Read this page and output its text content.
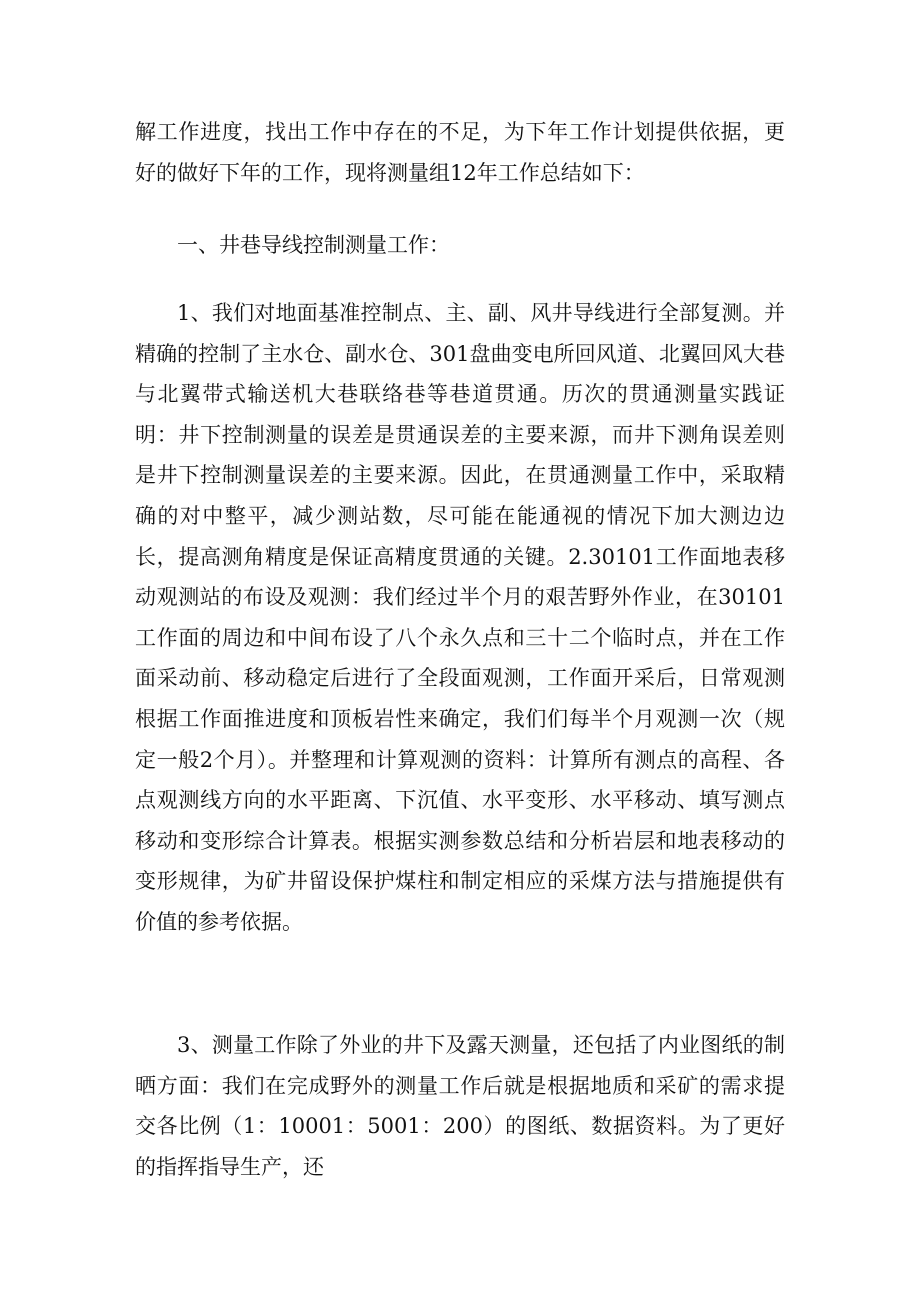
解工作进度，找出工作中存在的不足，为下年工作计划提供依据，更好的做好下年的工作，现将测量组12年工作总结如下：

一、井巷导线控制测量工作：

1、我们对地面基准控制点、主、副、风井导线进行全部复测。并精确的控制了主水仓、副水仓、301盘曲变电所回风道、北翼回风大巷与北翼带式输送机大巷联络巷等巷道贯通。历次的贯通测量实践证明：井下控制测量的误差是贯通误差的主要来源，而井下测角误差则是井下控制测量误差的主要来源。因此，在贯通测量工作中，采取精确的对中整平，减少测站数，尽可能在能通视的情况下加大测边边长，提高测角精度是保证高精度贯通的关键。2.30101工作面地表移动观测站的布设及观测：我们经过半个月的艰苦野外作业，在30101工作面的周边和中间布设了八个永久点和三十二个临时点，并在工作面采动前、移动稳定后进行了全段面观测，工作面开采后，日常观测根据工作面推进度和顶板岩性来确定，我们们每半个月观测一次（规定一般2个月）。并整理和计算观测的资料：计算所有测点的高程、各点观测线方向的水平距离、下沉值、水平变形、水平移动、填写测点移动和变形综合计算表。根据实测参数总结和分析岩层和地表移动的变形规律，为矿井留设保护煤柱和制定相应的采煤方法与措施提供有价值的参考依据。

3、测量工作除了外业的井下及露天测量，还包括了内业图纸的制晒方面：我们在完成野外的测量工作后就是根据地质和采矿的需求提交各比例（1：10001：5001：200）的图纸、数据资料。为了更好的指挥指导生产，还
